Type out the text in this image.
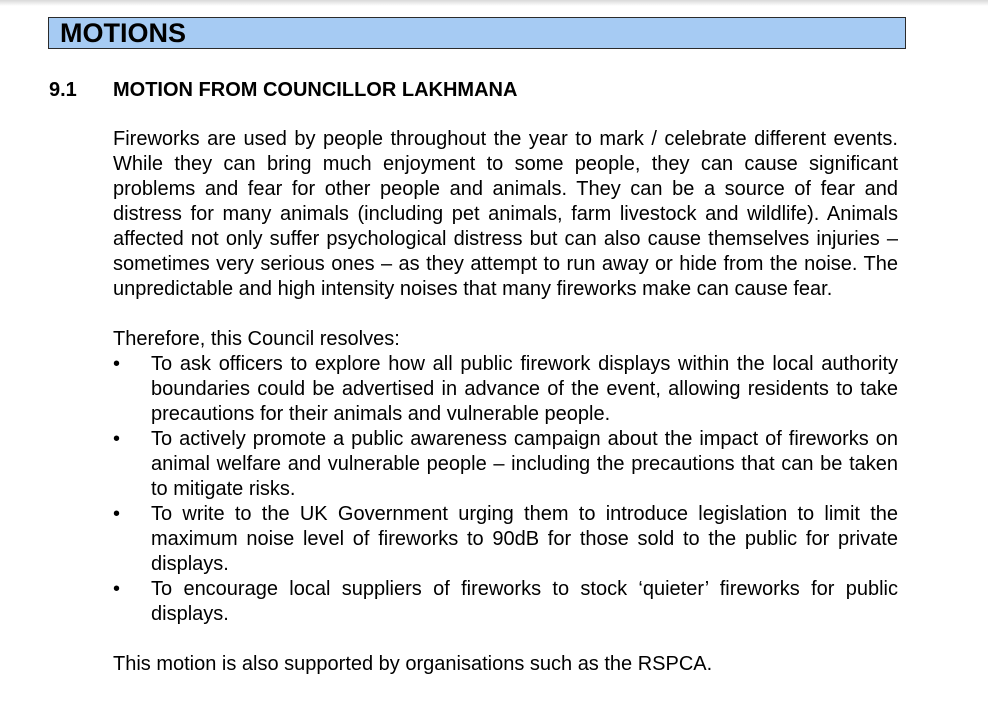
MOTIONS
9.1 MOTION FROM COUNCILLOR LAKHMANA

Fireworks are used by people throughout the year to mark / celebrate different events. While they can bring much enjoyment to some people, they can cause significant problems and fear for other people and animals. They can be a source of fear and distress for many animals (including pet animals, farm livestock and wildlife). Animals affected not only suffer psychological distress but can also cause themselves injuries – sometimes very serious ones – as they attempt to run away or hide from the noise. The unpredictable and high intensity noises that many fireworks make can cause fear.

Therefore, this Council resolves:

• To ask officers to explore how all public firework displays within the local authority boundaries could be advertised in advance of the event, allowing residents to take precautions for their animals and vulnerable people.
• To actively promote a public awareness campaign about the impact of fireworks on animal welfare and vulnerable people – including the precautions that can be taken to mitigate risks.
• To write to the UK Government urging them to introduce legislation to limit the maximum noise level of fireworks to 90dB for those sold to the public for private displays.
• To encourage local suppliers of fireworks to stock ‘quieter’ fireworks for public displays.

This motion is also supported by organisations such as the RSPCA.
